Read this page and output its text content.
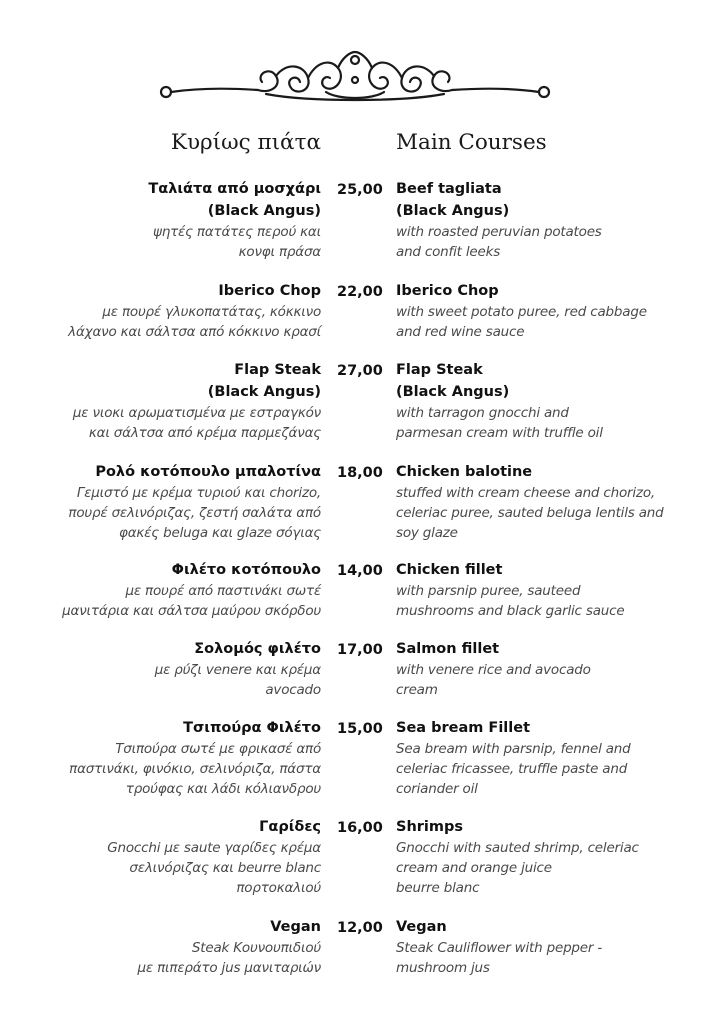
Κυρίως πιάτα	Main Courses
Ταλιάτα από μοσχάρι
(Black Angus)
ψητές πατάτες περού και
κονφι πράσα
25,00 Beef tagliata
(Black Angus)
with roasted peruvian potatoes
and confit leeks
Iberico Chop
με πουρέ γλυκοπατάτας, κόκκινο
λάχανο και σάλτσα από κόκκινο κρασί
22,00 Iberico Chop
with sweet potato puree, red cabbage
and red wine sauce
Flap Steak
(Black Angus)
με νιοκι αρωματισμένα με εστραγκόν
και σάλτσα από κρέμα παρμεζάνας
27,00 Flap Steak
(Black Angus)
with tarragon gnocchi and
parmesan cream with truffle oil
Ρολό κοτόπουλο μπαλοτίνα
Γεμιστό με κρέμα τυριού και chorizo,
πουρέ σελινόριζας, ζεστή σαλάτα από
φακές beluga και glaze σόγιας
18,00 Chicken balotine
stuffed with cream cheese and chorizo,
celeriac puree, sauted beluga lentils and
soy glaze
Φιλέτο κοτόπουλο
με πουρέ από παστινάκι σωτέ
μανιτάρια και σάλτσα μαύρου σκόρδου
14,00 Chicken fillet
with parsnip puree, sauteed
mushrooms and black garlic sauce
Σολομός φιλέτο
με ρύζι venere και κρέμα
avocado
17,00 Salmon fillet
with venere rice and avocado
cream
Τσιπούρα Φιλέτο
Τσιπούρα σωτέ με φρικασέ από
παστινάκι, φινόκιο, σελινόριζα, πάστα
τρούφας και λάδι κόλιανδρου
15,00 Sea bream Fillet
Sea bream with parsnip, fennel and
celeriac fricassee, truffle paste and
coriander oil
Γαρίδες
Gnocchi με saute γαρίδες κρέμα
σελινόριζας και beurre blanc
πορτοκαλιού
16,00 Shrimps
Gnocchi with sauted shrimp, celeriac
cream and orange juice
beurre blanc
Vegan
Steak Κουνουπιδιού
με πιπεράτο jus μανιταριών
12,00 Vegan
Steak Cauliflower with pepper -
mushroom jus
